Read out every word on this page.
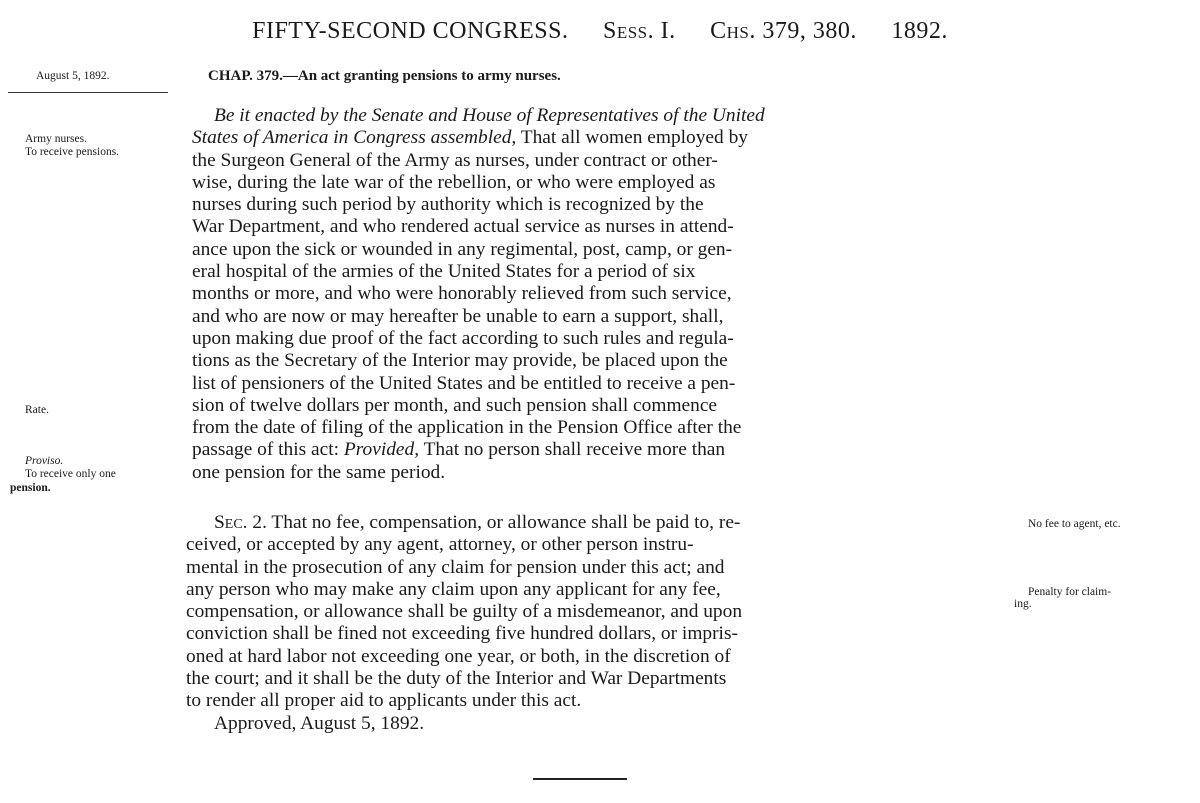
FIFTY-SECOND CONGRESS. Sess. I. Chs. 379, 380. 1892.
August 5, 1892.
Army nurses.
To receive pensions.
Rate.
Proviso.
To receive only one
pension.
No fee to agent, etc.
Penalty for claim-
ing.
CHAP. 379.—An act granting pensions to army nurses.
Be it enacted by the Senate and House of Representatives of the United
States of America in Congress assembled, That all women employed by
the Surgeon General of the Army as nurses, under contract or other-
wise, during the late war of the rebellion, or who were employed as
nurses during such period by authority which is recognized by the
War Department, and who rendered actual service as nurses in attend-
ance upon the sick or wounded in any regimental, post, camp, or gen-
eral hospital of the armies of the United States for a period of six
months or more, and who were honorably relieved from such service,
and who are now or may hereafter be unable to earn a support, shall,
upon making due proof of the fact according to such rules and regula-
tions as the Secretary of the Interior may provide, be placed upon the
list of pensioners of the United States and be entitled to receive a pen-
sion of twelve dollars per month, and such pension shall commence
from the date of filing of the application in the Pension Office after the
passage of this act: Provided, That no person shall receive more than
one pension for the same period.
Sec. 2. That no fee, compensation, or allowance shall be paid to, re-
ceived, or accepted by any agent, attorney, or other person instru-
mental in the prosecution of any claim for pension under this act; and
any person who may make any claim upon any applicant for any fee,
compensation, or allowance shall be guilty of a misdemeanor, and upon
conviction shall be fined not exceeding five hundred dollars, or impris-
oned at hard labor not exceeding one year, or both, in the discretion of
the court; and it shall be the duty of the Interior and War Departments
to render all proper aid to applicants under this act.
Approved, August 5, 1892.
